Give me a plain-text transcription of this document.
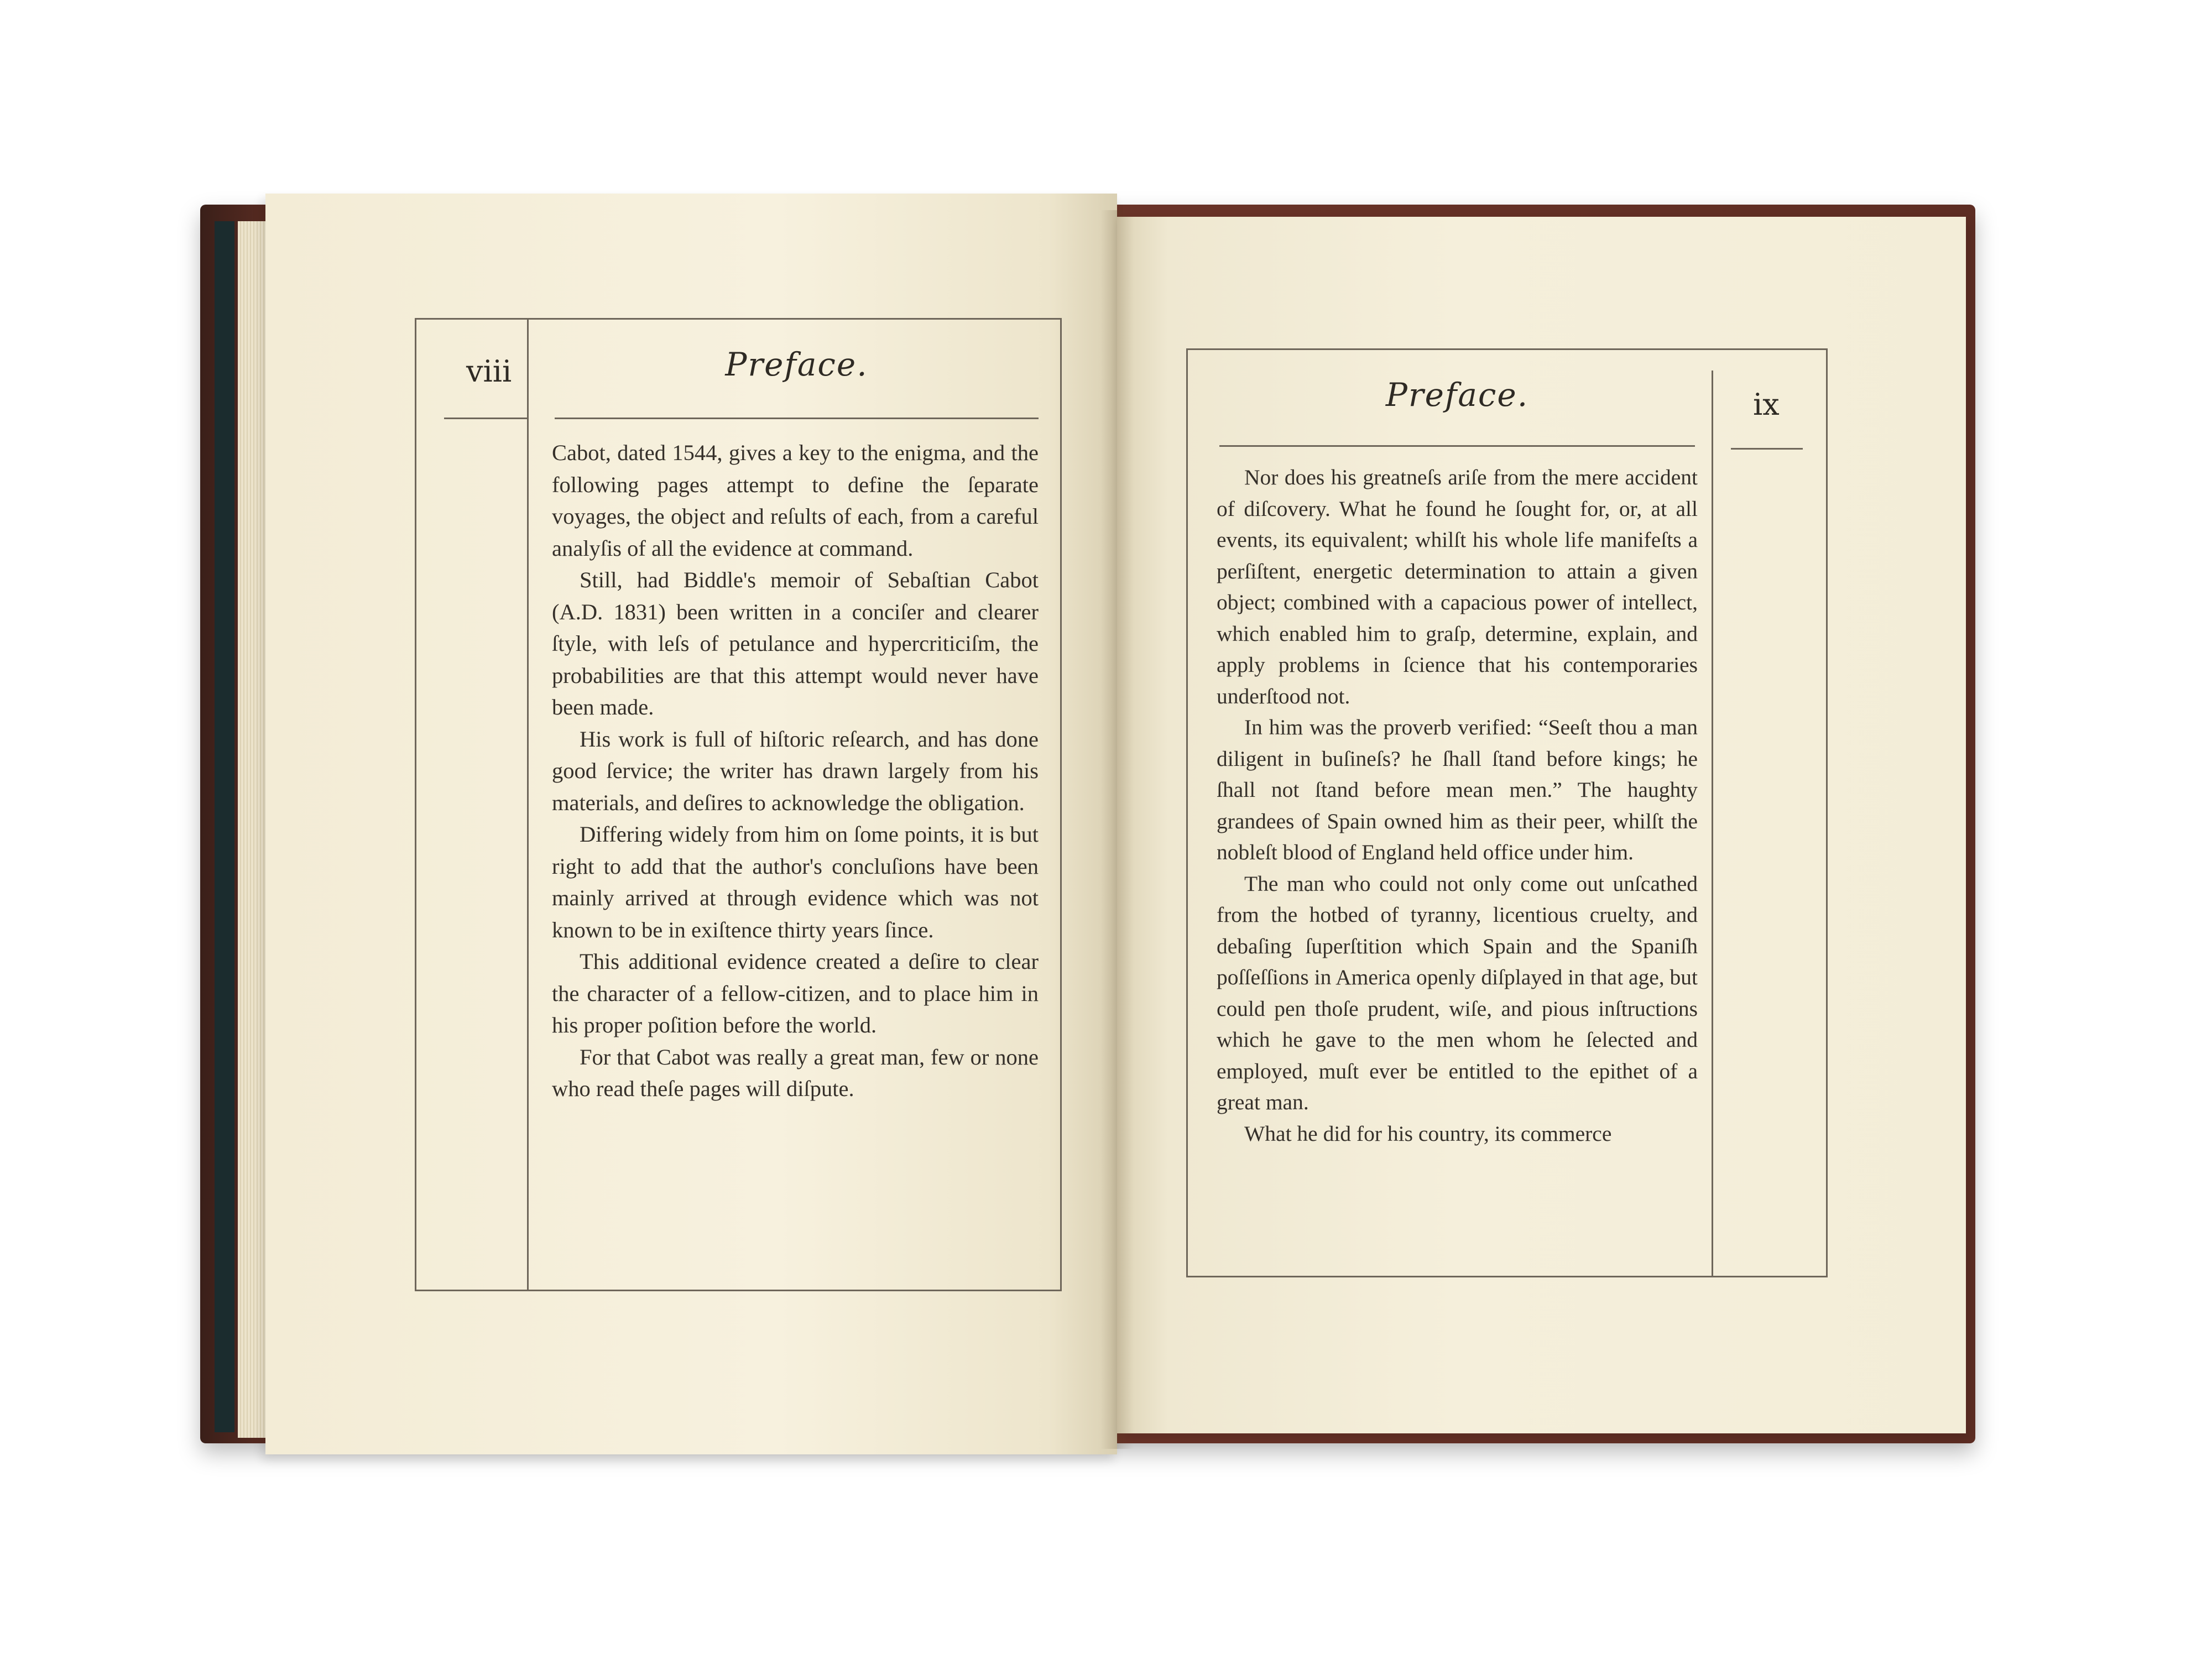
viii	Preface.

Cabot, dated 1544, gives a key to the enigma, and the following pages attempt to define the ſeparate voyages, the object and reſults of each, from a careful analyſis of all the evidence at command.

Still, had Biddle's memoir of Sebaſtian Cabot (A.D. 1831) been written in a conciſer and clearer ſtyle, with leſs of petulance and hypercriticiſm, the probabilities are that this attempt would never have been made.

His work is full of hiſtoric reſearch, and has done good ſervice; the writer has drawn largely from his materials, and deſires to acknowledge the obligation.

Differing widely from him on ſome points, it is but right to add that the author's concluſions have been mainly arrived at through evidence which was not known to be in exiſtence thirty years ſince.

This additional evidence created a deſire to clear the character of a fellow-citizen, and to place him in his proper poſition before the world.

For that Cabot was really a great man, few or none who read theſe pages will diſpute.

ix
Preface.

Nor does his greatneſs ariſe from the mere accident of diſcovery. What he found he ſought for, or, at all events, its equivalent; whilſt his whole life manifeſts a perſiſtent, energetic determination to attain a given object; combined with a capacious power of intellect, which enabled him to graſp, determine, explain, and apply problems in ſcience that his contemporaries underſtood not.

In him was the proverb verified: “Seeſt thou a man diligent in buſineſs? he ſhall ſtand before kings; he ſhall not ſtand before mean men.” The haughty grandees of Spain owned him as their peer, whilſt the nobleſt blood of England held office under him.

The man who could not only come out unſcathed from the hotbed of tyranny, licentious cruelty, and debaſing ſuperſtition which Spain and the Spaniſh poſſeſſions in America openly diſplayed in that age, but could pen thoſe prudent, wiſe, and pious inſtructions which he gave to the men whom he ſelected and employed, muſt ever be entitled to the epithet of a great man.

What he did for his country, its commerce
